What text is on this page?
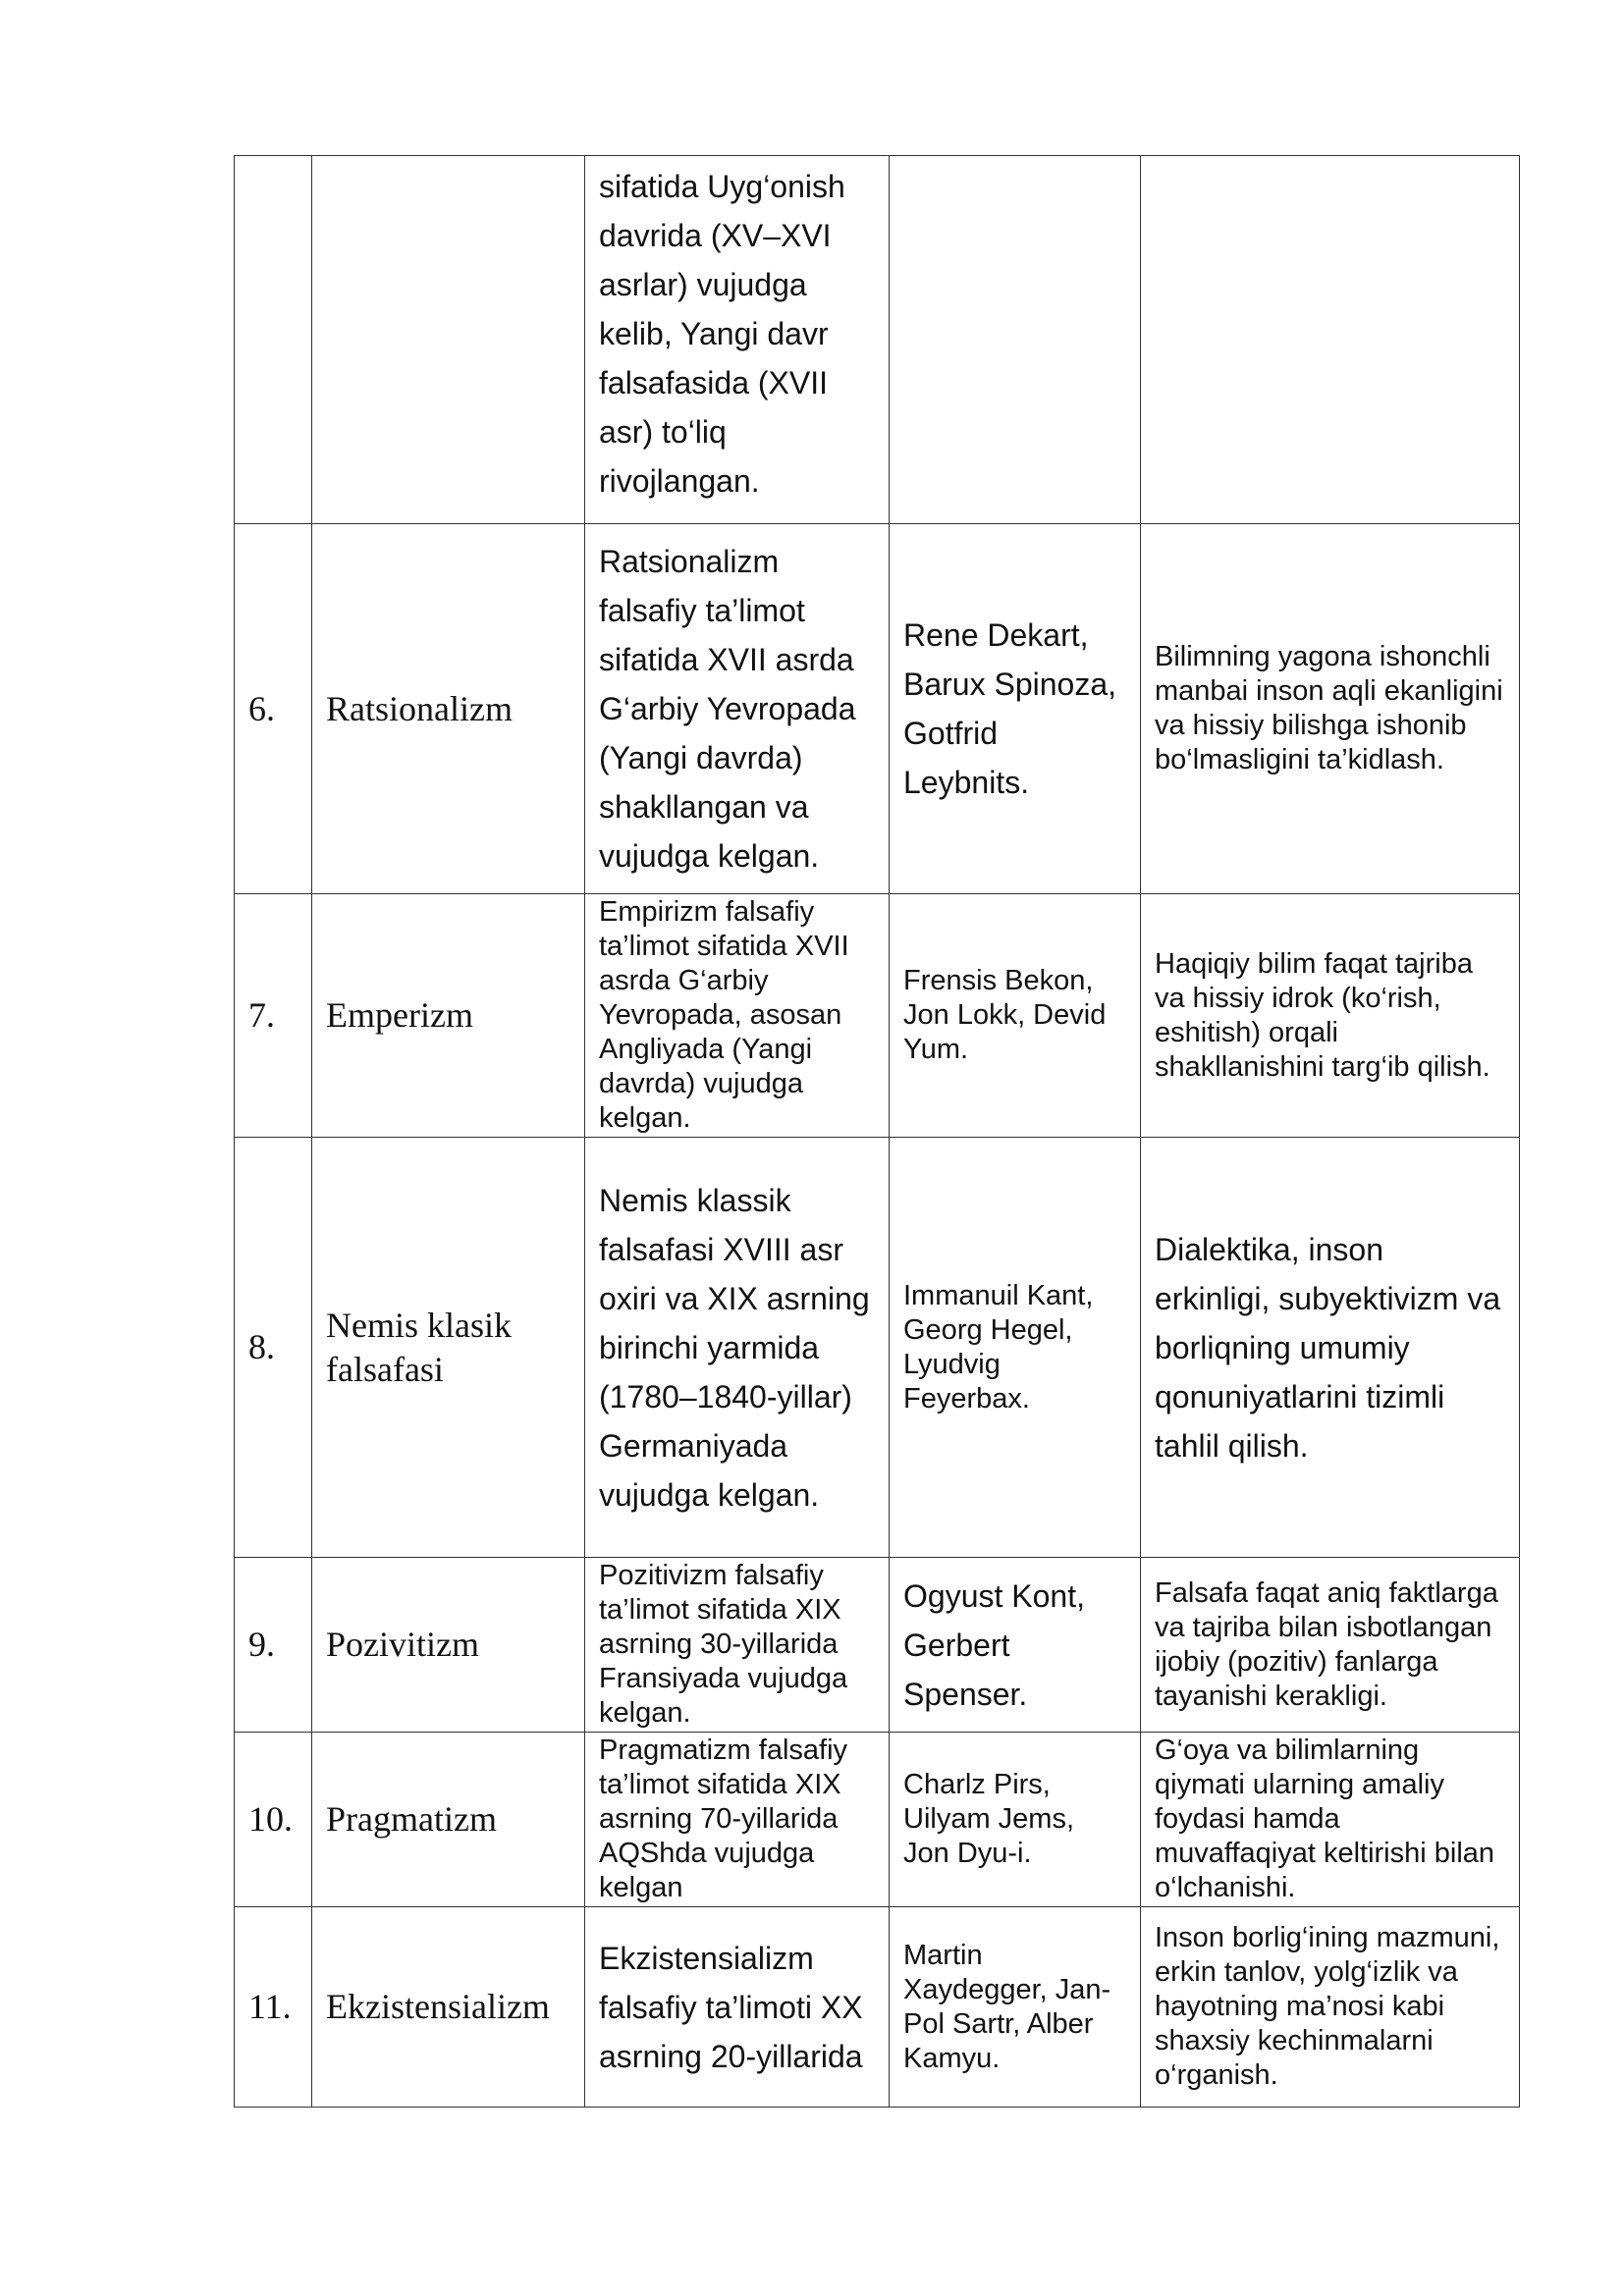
		sifatida Uyg‘onish davrida (XV–XVI asrlar) vujudga kelib, Yangi davr falsafasida (XVII asr) to‘liq rivojlangan.		
6.	Ratsionalizm	Ratsionalizm falsafiy ta’limot sifatida XVII asrda G‘arbiy Yevropada (Yangi davrda) shakllangan va vujudga kelgan.	Rene Dekart, Barux Spinoza, Gotfrid Leybnits.	Bilimning yagona ishonchli manbai inson aqli ekanligini va hissiy bilishga ishonib bo‘lmasligini ta’kidlash.
7.	Emperizm	Empirizm falsafiy ta’limot sifatida XVII asrda G‘arbiy Yevropada, asosan Angliyada (Yangi davrda) vujudga kelgan.	Frensis Bekon, Jon Lokk, Devid Yum.	Haqiqiy bilim faqat tajriba va hissiy idrok (ko‘rish, eshitish) orqali shakllanishini targ‘ib qilish.
8.	Nemis klasik falsafasi	Nemis klassik falsafasi XVIII asr oxiri va XIX asrning birinchi yarmida (1780–1840-yillar) Germaniyada vujudga kelgan.	Immanuil Kant, Georg Hegel, Lyudvig Feyerbax.	Dialektika, inson erkinligi, subyektivizm va borliqning umumiy qonuniyatlarini tizimli tahlil qilish.
9.	Pozivitizm	Pozitivizm falsafiy ta’limot sifatida XIX asrning 30-yillarida Fransiyada vujudga kelgan.	Ogyust Kont, Gerbert Spenser.	Falsafa faqat aniq faktlarga va tajriba bilan isbotlangan ijobiy (pozitiv) fanlarga tayanishi kerakligi.
10.	Pragmatizm	Pragmatizm falsafiy ta’limot sifatida XIX asrning 70-yillarida AQShda vujudga kelgan	Charlz Pirs, Uilyam Jems, Jon Dyu-i.	G‘oya va bilimlarning qiymati ularning amaliy foydasi hamda muvaffaqiyat keltirishi bilan o‘lchanishi.
11.	Ekzistensializm	Ekzistensializm falsafiy ta’limoti XX asrning 20-yillarida	Martin Xaydegger, Jan-Pol Sartr, Alber Kamyu.	Inson borlig‘ining mazmuni, erkin tanlov, yolg‘izlik va hayotning ma’nosi kabi shaxsiy kechinmalarni o‘rganish.
